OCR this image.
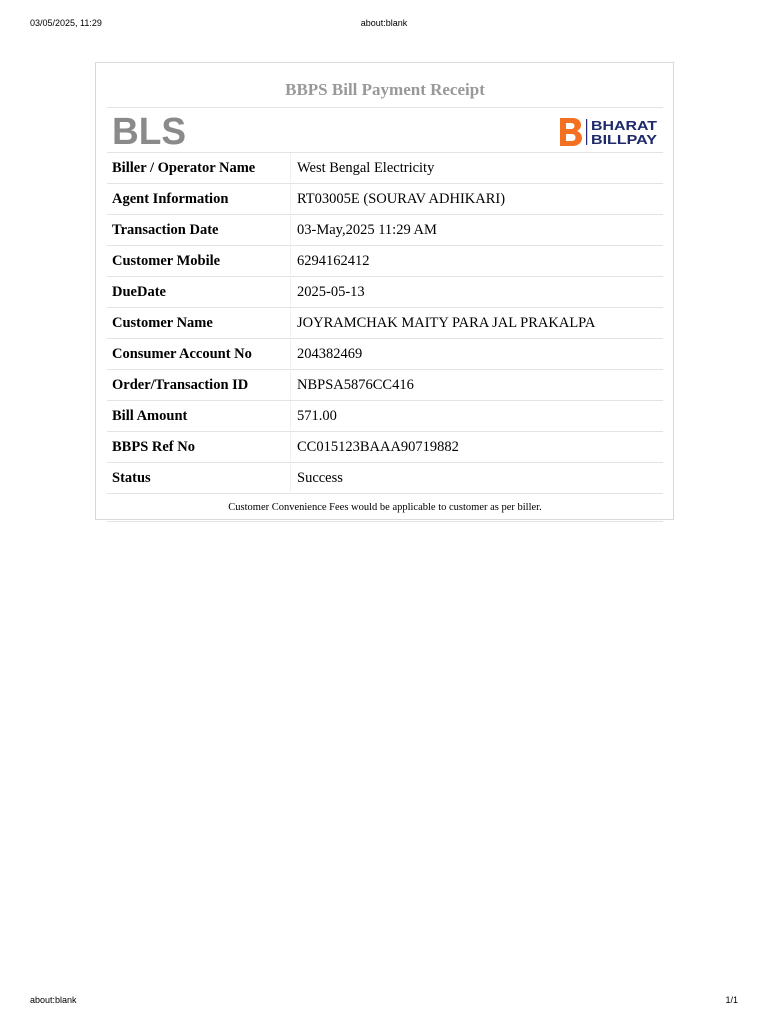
03/05/2025, 11:29	about:blank
BBPS Bill Payment Receipt
BLS	BHARAT
BILLPAY
Biller / Operator Name	West Bengal Electricity
Agent Information	RT03005E (SOURAV ADHIKARI)
Transaction Date	03-May,2025 11:29 AM
Customer Mobile	6294162412
DueDate	2025-05-13
Customer Name	JOYRAMCHAK MAITY PARA JAL PRAKALPA
Consumer Account No	204382469
Order/Transaction ID	NBPSA5876CC416
Bill Amount	571.00
BBPS Ref No	CC015123BAAA90719882
Status	Success
Customer Convenience Fees would be applicable to customer as per biller.
about:blank	1/1
